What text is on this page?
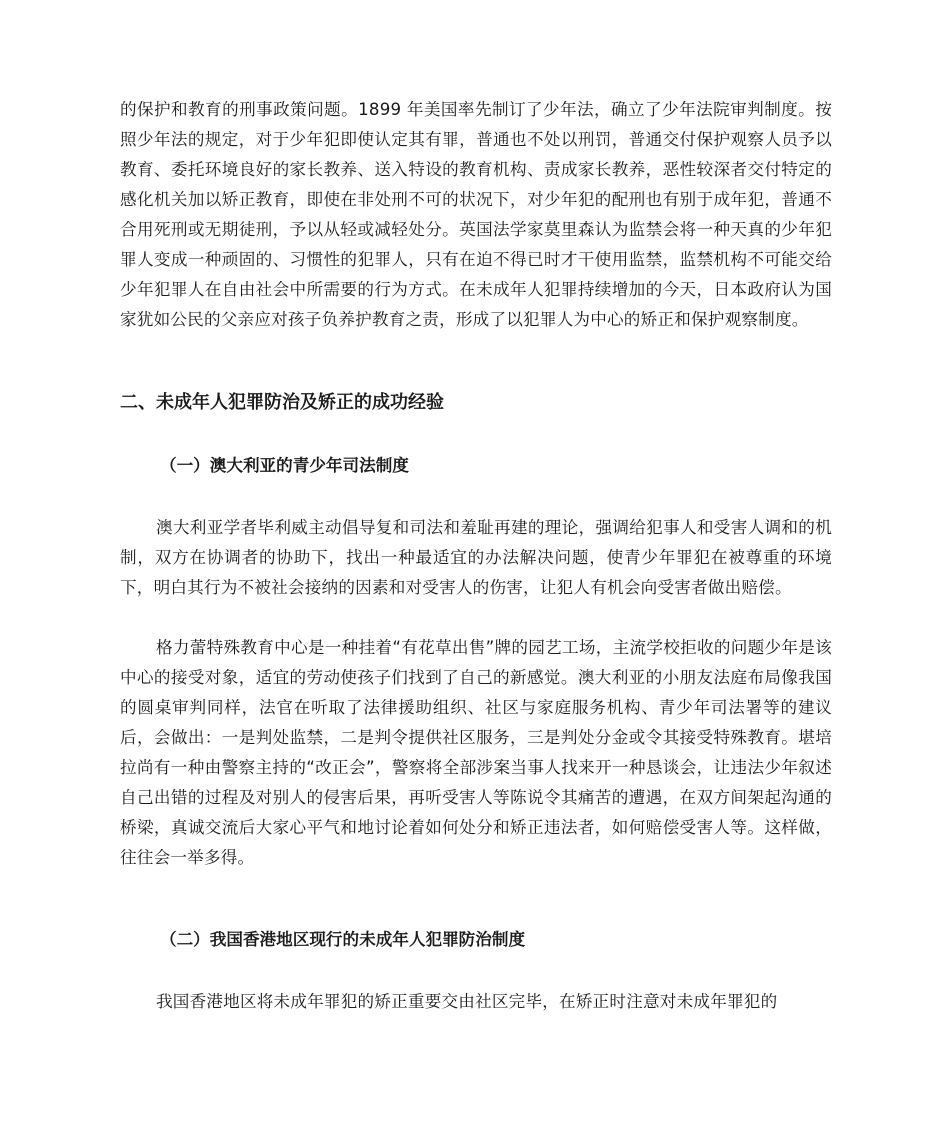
的保护和教育的刑事政策问题。1899 年美国率先制订了少年法，确立了少年法院审判制度。按照少年法的规定，对于少年犯即使认定其有罪，普通也不处以刑罚，普通交付保护观察人员予以教育、委托环境良好的家长教养、送入特设的教育机构、责成家长教养，恶性较深者交付特定的感化机关加以矫正教育，即使在非处刑不可的状况下，对少年犯的配刑也有别于成年犯，普通不合用死刑或无期徒刑，予以从轻或减轻处分。英国法学家莫里森认为监禁会将一种天真的少年犯罪人变成一种顽固的、习惯性的犯罪人，只有在迫不得已时才干使用监禁，监禁机构不可能交给少年犯罪人在自由社会中所需要的行为方式。在未成年人犯罪持续增加的今天，日本政府认为国家犹如公民的父亲应对孩子负养护教育之责，形成了以犯罪人为中心的矫正和保护观察制度。

二、未成年人犯罪防治及矫正的成功经验
（一）澳大利亚的青少年司法制度

澳大利亚学者毕利威主动倡导复和司法和羞耻再建的理论，强调给犯事人和受害人调和的机制，双方在协调者的协助下，找出一种最适宜的办法解决问题，使青少年罪犯在被尊重的环境下，明白其行为不被社会接纳的因素和对受害人的伤害，让犯人有机会向受害者做出赔偿。

格力蕾特殊教育中心是一种挂着“有花草出售”牌的园艺工场，主流学校拒收的问题少年是该中心的接受对象，适宜的劳动使孩子们找到了自己的新感觉。澳大利亚的小朋友法庭布局像我国的圆桌审判同样，法官在听取了法律援助组织、社区与家庭服务机构、青少年司法署等的建议后，会做出：一是判处监禁，二是判令提供社区服务，三是判处分金或令其接受特殊教育。堪培拉尚有一种由警察主持的“改正会”，警察将全部涉案当事人找来开一种恳谈会，让违法少年叙述自己出错的过程及对别人的侵害后果，再听受害人等陈说令其痛苦的遭遇，在双方间架起沟通的桥梁，真诚交流后大家心平气和地讨论着如何处分和矫正违法者，如何赔偿受害人等。这样做，往往会一举多得。

（二）我国香港地区现行的未成年人犯罪防治制度

我国香港地区将未成年罪犯的矫正重要交由社区完毕，在矫正时注意对未成年罪犯的
